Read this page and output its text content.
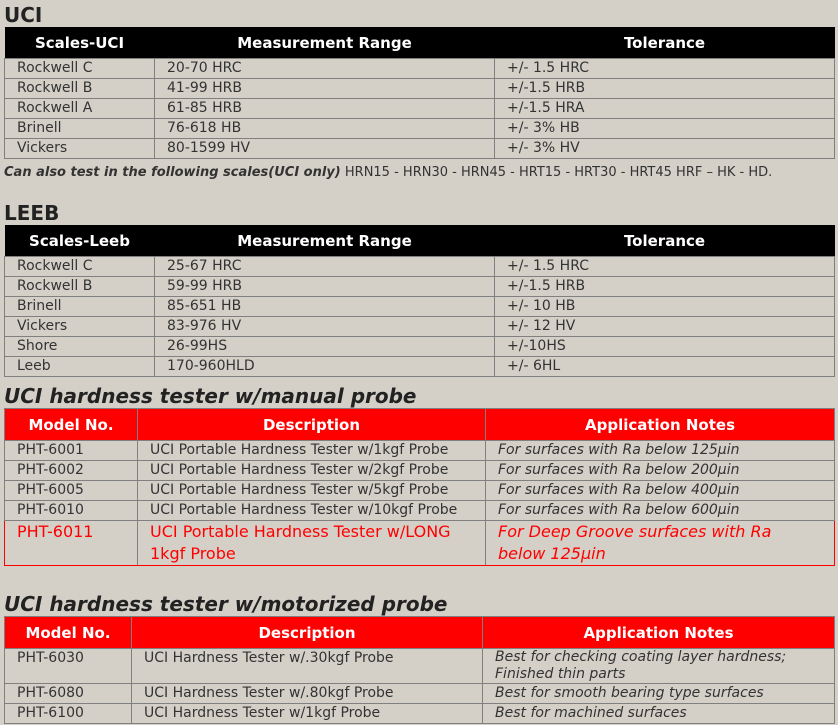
UCI
Scales-UCI	Measurement Range	Tolerance
Rockwell C	20-70 HRC	+/- 1.5 HRC
Rockwell B	41-99 HRB	+/-1.5 HRB
Rockwell A	61-85 HRB	+/-1.5 HRA
Brinell	76-618 HB	+/- 3% HB
Vickers	80-1599 HV	+/- 3% HV
Can also test in the following scales(UCI only) HRN15 - HRN30 - HRN45 - HRT15 - HRT30 - HRT45 HRF – HK - HD.
LEEB
Scales-Leeb	Measurement Range	Tolerance
Rockwell C	25-67 HRC	+/- 1.5 HRC
Rockwell B	59-99 HRB	+/-1.5 HRB
Brinell	85-651 HB	+/- 10 HB
Vickers	83-976 HV	+/- 12 HV
Shore	26-99HS	+/-10HS
Leeb	170-960HLD	+/- 6HL
UCI hardness tester w/manual probe
Model No.	Description	Application Notes
PHT-6001	UCI Portable Hardness Tester w/1kgf Probe	For surfaces with Ra below 125µin
PHT-6002	UCI Portable Hardness Tester w/2kgf Probe	For surfaces with Ra below 200µin
PHT-6005	UCI Portable Hardness Tester w/5kgf Probe	For surfaces with Ra below 400µin
PHT-6010	UCI Portable Hardness Tester w/10kgf Probe	For surfaces with Ra below 600µin
PHT-6011	UCI Portable Hardness Tester w/LONG 1kgf Probe	For Deep Groove surfaces with Ra below 125µin
UCI hardness tester w/motorized probe
Model No.	Description	Application Notes
PHT-6030	UCI Hardness Tester w/.30kgf Probe	Best for checking coating layer hardness; Finished thin parts
PHT-6080	UCI Hardness Tester w/.80kgf Probe	Best for smooth bearing type surfaces
PHT-6100	UCI Hardness Tester w/1kgf Probe	Best for machined surfaces
